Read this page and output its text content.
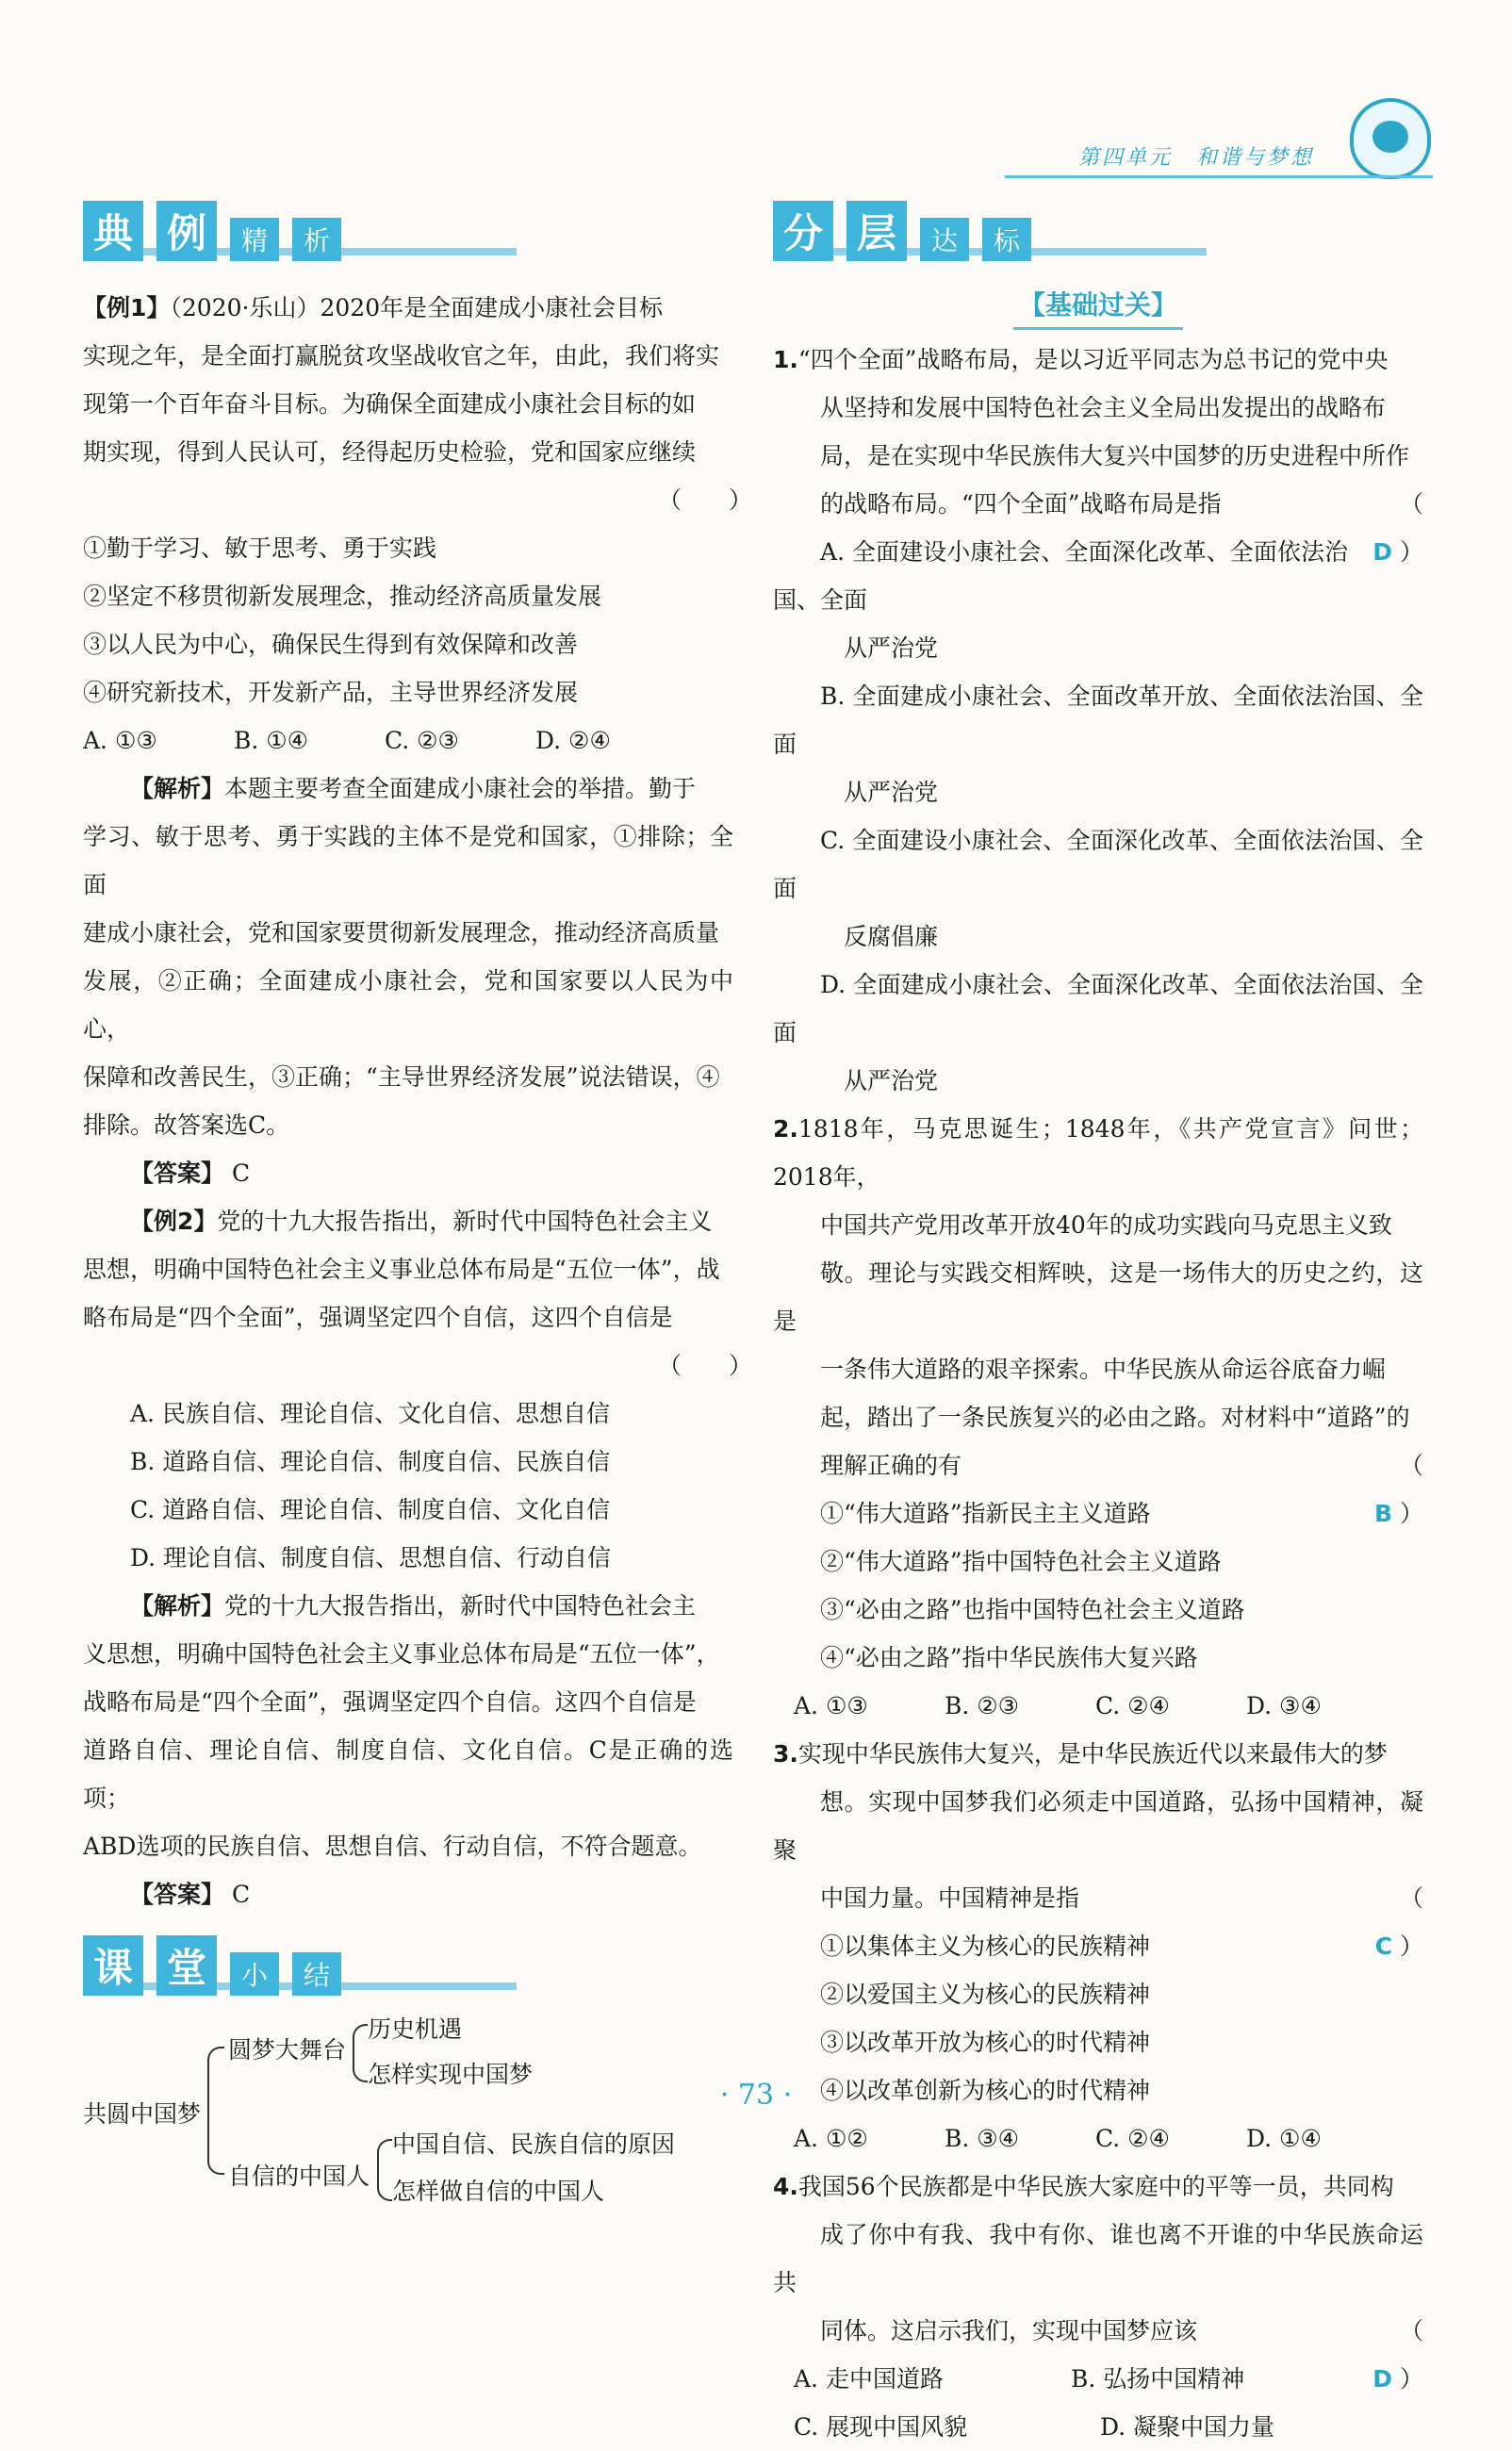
第四单元　和谐与梦想
典 例	精	析

【例1】（2020·乐山）2020年是全面建成小康社会目标

实现之年，是全面打赢脱贫攻坚战收官之年，由此，我们将实

现第一个百年奋斗目标。为确保全面建成小康社会目标的如

期实现，得到人民认可，经得起历史检验，党和国家应继续

（　　）

①勤于学习、敏于思考、勇于实践

②坚定不移贯彻新发展理念，推动经济高质量发展

③以人民为中心，确保民生得到有效保障和改善

④研究新技术，开发新产品，主导世界经济发展

A. ①③	B. ①④	C. ②③	D. ②④

【解析】本题主要考查全面建成小康社会的举措。勤于

学习、敏于思考、勇于实践的主体不是党和国家，①排除；全面

建成小康社会，党和国家要贯彻新发展理念，推动经济高质量

发展，②正确；全面建成小康社会，党和国家要以人民为中心，

保障和改善民生，③正确；“主导世界经济发展”说法错误，④

排除。故答案选C。

【答案】 C

【例2】党的十九大报告指出，新时代中国特色社会主义

思想，明确中国特色社会主义事业总体布局是“五位一体”，战

略布局是“四个全面”，强调坚定四个自信，这四个自信是

（　　）

A. 民族自信、理论自信、文化自信、思想自信

B. 道路自信、理论自信、制度自信、民族自信

C. 道路自信、理论自信、制度自信、文化自信

D. 理论自信、制度自信、思想自信、行动自信

【解析】党的十九大报告指出，新时代中国特色社会主

义思想，明确中国特色社会主义事业总体布局是“五位一体”，

战略布局是“四个全面”，强调坚定四个自信。这四个自信是

道路自信、理论自信、制度自信、文化自信。C是正确的选项；

ABD选项的民族自信、思想自信、行动自信，不符合题意。

【答案】 C

课 堂	小	结
共圆中国梦
圆梦大舞台
历史机遇
怎样实现中国梦
自信的中国人
中国自信、民族自信的原因
怎样做自信的中国人
分 层	达	标
【基础过关】

1.“四个全面”战略布局，是以习近平同志为总书记的党中央

从坚持和发展中国特色社会主义全局出发提出的战略布

局，是在实现中华民族伟大复兴中国梦的历史进程中所作

（ D ）
的战略布局。“四个全面”战略布局是指

A. 全面建设小康社会、全面深化改革、全面依法治国、全面

从严治党

B. 全面建成小康社会、全面改革开放、全面依法治国、全面

从严治党

C. 全面建设小康社会、全面深化改革、全面依法治国、全面

反腐倡廉

D. 全面建成小康社会、全面深化改革、全面依法治国、全面

从严治党

2.1818年，马克思诞生；1848年，《共产党宣言》问世；2018年，

中国共产党用改革开放40年的成功实践向马克思主义致

敬。理论与实践交相辉映，这是一场伟大的历史之约，这是

一条伟大道路的艰辛探索。中华民族从命运谷底奋力崛

起，踏出了一条民族复兴的必由之路。对材料中“道路”的

（ B ）
理解正确的有

①“伟大道路”指新民主主义道路

②“伟大道路”指中国特色社会主义道路

③“必由之路”也指中国特色社会主义道路

④“必由之路”指中华民族伟大复兴路

A. ①③	B. ②③	C. ②④	D. ③④

3.实现中华民族伟大复兴，是中华民族近代以来最伟大的梦

想。实现中国梦我们必须走中国道路，弘扬中国精神，凝聚

（ C ）
中国力量。中国精神是指

①以集体主义为核心的民族精神

②以爱国主义为核心的民族精神

③以改革开放为核心的时代精神

④以改革创新为核心的时代精神

A. ①②	B. ③④	C. ②④	D. ①④

4.我国56个民族都是中华民族大家庭中的平等一员，共同构

成了你中有我、我中有你、谁也离不开谁的中华民族命运共

（ D ）
同体。这启示我们，实现中国梦应该

A. 走中国道路	B. 弘扬中国精神
C. 展现中国风貌	D. 凝聚中国力量
· 73 ·
